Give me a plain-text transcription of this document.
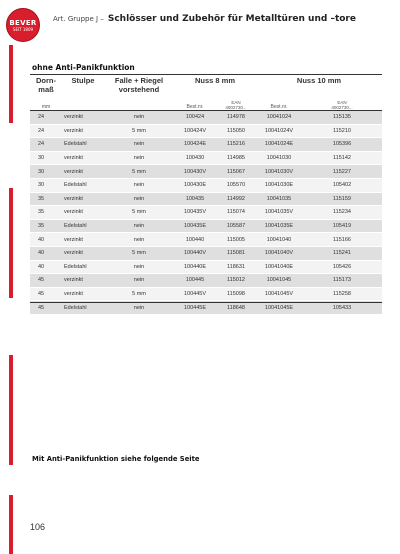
BEVER
SEIT 1809
Art. Gruppe J – Schlösser und Zubehör für Metalltüren und –tore
ohne Anti-Panikfunktion
Dorn-
maß	Stulpe	Falle + Riegel
vorstehend	Nuss 8 mm		Nuss 10 mm	
mm			Best.nr.	EAN
4002730...	Best.nr.	EAN
4002730...

24	verzinkt	nein	100424	114978	10041024	115135
24	verzinkt	5 mm	100424V	115050	10041024V	115210
24	Edelstahl	nein	100424E	115216	10041024E	105396
30	verzinkt	nein	100430	114985	10041030	115142
30	verzinkt	5 mm	100430V	115067	10041030V	115227
30	Edelstahl	nein	100430E	105570	10041030E	105402
35	verzinkt	nein	100435	114992	10041035	115159
35	verzinkt	5 mm	100435V	115074	10041035V	115234
35	Edelstahl	nein	100435E	105587	10041035E	105419
40	verzinkt	nein	100440	115005	10041040	115166
40	verzinkt	5 mm	100440V	115081	10041040V	115241
40	Edelstahl	nein	100440E	118631	10041040E	105426
45	verzinkt	nein	100445	115012	10041045	115173
45	verzinkt	5 mm	100445V	115098	10041045V	115258
45	Edelstahl	nein	100445E	118648	10041045E	105433
Mit Anti-Panikfunktion siehe folgende Seite
106
